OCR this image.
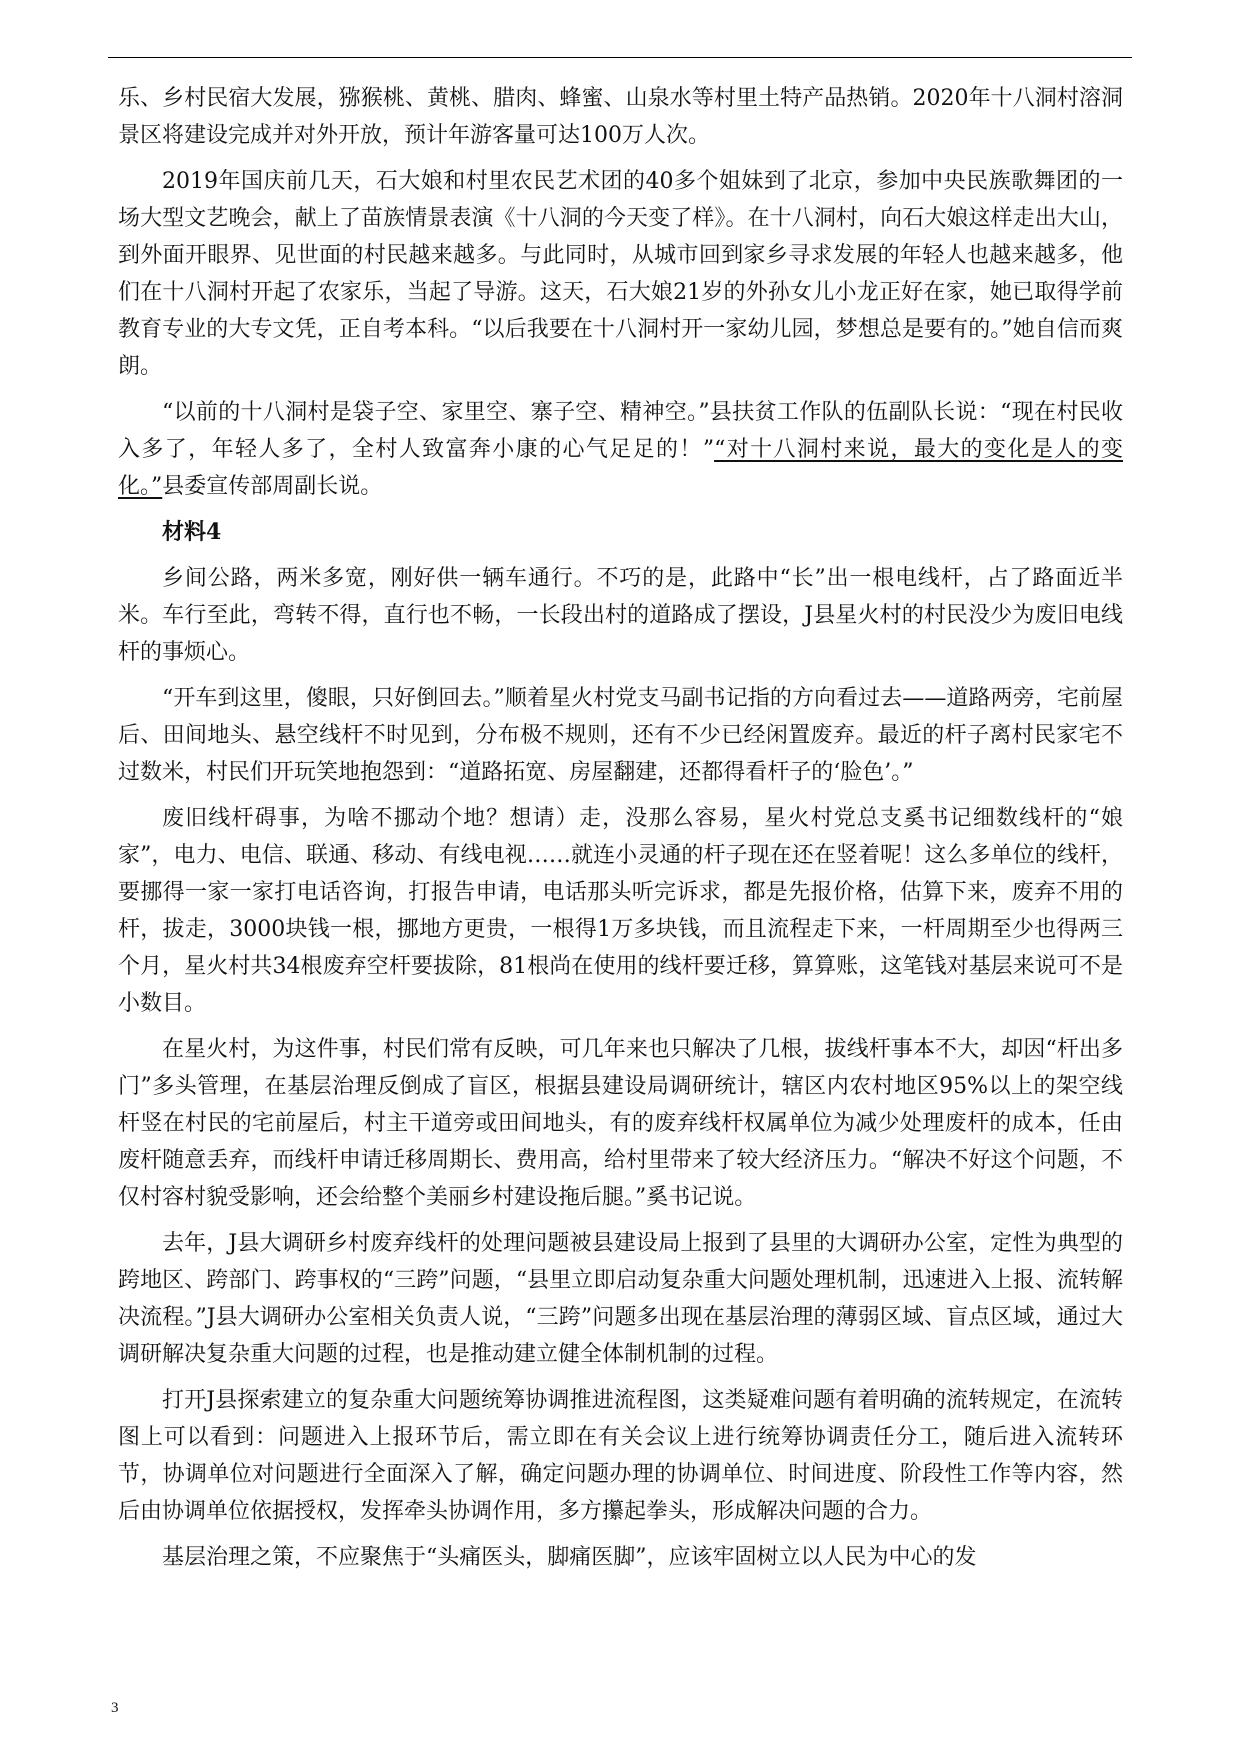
乐、乡村民宿大发展，猕猴桃、黄桃、腊肉、蜂蜜、山泉水等村里土特产品热销。2020年十八洞村溶洞景区将建设完成并对外开放，预计年游客量可达100万人次。

2019年国庆前几天，石大娘和村里农民艺术团的40多个姐妹到了北京，参加中央民族歌舞团的一场大型文艺晚会，献上了苗族情景表演《十八洞的今天变了样》。在十八洞村，向石大娘这样走出大山，到外面开眼界、见世面的村民越来越多。与此同时，从城市回到家乡寻求发展的年轻人也越来越多，他们在十八洞村开起了农家乐，当起了导游。这天，石大娘21岁的外孙女儿小龙正好在家，她已取得学前教育专业的大专文凭，正自考本科。“以后我要在十八洞村开一家幼儿园，梦想总是要有的。”她自信而爽朗。

“以前的十八洞村是袋子空、家里空、寨子空、精神空。”县扶贫工作队的伍副队长说：“现在村民收入多了，年轻人多了，全村人致富奔小康的心气足足的！”“对十八洞村来说，最大的变化是人的变化。”县委宣传部周副长说。

材料4

乡间公路，两米多宽，刚好供一辆车通行。不巧的是，此路中“长”出一根电线杆，占了路面近半米。车行至此，弯转不得，直行也不畅，一长段出村的道路成了摆设，J县星火村的村民没少为废旧电线杆的事烦心。

“开车到这里，傻眼，只好倒回去。”顺着星火村党支马副书记指的方向看过去——道路两旁，宅前屋后、田间地头、悬空线杆不时见到，分布极不规则，还有不少已经闲置废弃。最近的杆子离村民家宅不过数米，村民们开玩笑地抱怨到：“道路拓宽、房屋翻建，还都得看杆子的‘脸色’。”

废旧线杆碍事，为啥不挪动个地？想请）走，没那么容易，星火村党总支奚书记细数线杆的“娘家”，电力、电信、联通、移动、有线电视……就连小灵通的杆子现在还在竖着呢！这么多单位的线杆，要挪得一家一家打电话咨询，打报告申请，电话那头听完诉求，都是先报价格，估算下来，废弃不用的杆，拔走，3000块钱一根，挪地方更贵，一根得1万多块钱，而且流程走下来，一杆周期至少也得两三个月，星火村共34根废弃空杆要拔除，81根尚在使用的线杆要迁移，算算账，这笔钱对基层来说可不是小数目。

在星火村，为这件事，村民们常有反映，可几年来也只解决了几根，拔线杆事本不大，却因“杆出多门”多头管理，在基层治理反倒成了盲区，根据县建设局调研统计，辖区内农村地区95%以上的架空线杆竖在村民的宅前屋后，村主干道旁或田间地头，有的废弃线杆权属单位为减少处理废杆的成本，任由废杆随意丢弃，而线杆申请迁移周期长、费用高，给村里带来了较大经济压力。“解决不好这个问题，不仅村容村貌受影响，还会给整个美丽乡村建设拖后腿。”奚书记说。

去年，J县大调研乡村废弃线杆的处理问题被县建设局上报到了县里的大调研办公室，定性为典型的跨地区、跨部门、跨事权的“三跨”问题，“县里立即启动复杂重大问题处理机制，迅速进入上报、流转解决流程。”J县大调研办公室相关负责人说，“三跨”问题多出现在基层治理的薄弱区域、盲点区域，通过大调研解决复杂重大问题的过程，也是推动建立健全体制机制的过程。

打开J县探索建立的复杂重大问题统筹协调推进流程图，这类疑难问题有着明确的流转规定，在流转图上可以看到：问题进入上报环节后，需立即在有关会议上进行统筹协调责任分工，随后进入流转环节，协调单位对问题进行全面深入了解，确定问题办理的协调单位、时间进度、阶段性工作等内容，然后由协调单位依据授权，发挥牵头协调作用，多方攥起拳头，形成解决问题的合力。

基层治理之策，不应聚焦于“头痛医头，脚痛医脚”，应该牢固树立以人民为中心的发

3
